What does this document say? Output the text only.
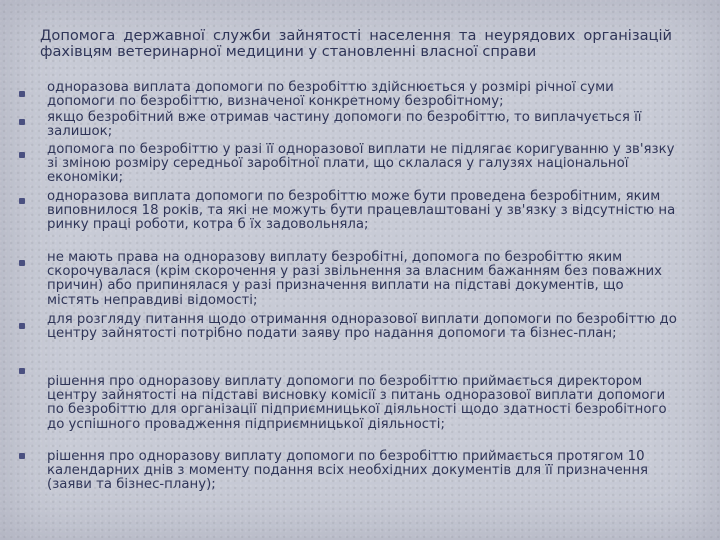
Допомога державної служби зайнятості населення та неурядових організацій фахівцям ветеринарної медицини у становленні власної справи

одноразова виплата допомоги по безробіттю здійснюється у розмірі річної суми допомоги по безробіттю, визначеної конкретному безробітному;

якщо безробітний вже отримав частину допомоги по безробіттю, то виплачується її залишок;

допомога по безробіттю у разі її одноразової виплати не підлягає коригуванню у зв'язку зі зміною розміру середньої заробітної плати, що склалася у галузях національної економіки;

одноразова виплата допомоги по безробіттю може бути проведена безробітним, яким виповнилося 18 років, та які не можуть бути працевлаштовані у зв'язку з відсутністю на ринку праці роботи, котра б їх задовольняла;

не мають права на одноразову виплату безробітні, допомога по безробіттю яким скорочувалася (крім скорочення у разі звільнення за власним бажанням без поважних причин) або припинялася у разі призначення виплати на підставі документів, що містять неправдиві відомості;

для розгляду питання щодо отримання одноразової виплати допомоги по безробіттю до центру зайнятості потрібно подати заяву про надання допомоги та бізнес-план;

рішення про одноразову виплату допомоги по безробіттю приймається директором центру зайнятості на підставі висновку комісії з питань одноразової виплати допомоги по безробіттю для організації підприємницької діяльності щодо здатності безробітного до успішного провадження підприємницької діяльності;

рішення про одноразову виплату допомоги по безробіттю приймається протягом 10 календарних днів з моменту подання всіх необхідних документів для її призначення (заяви та бізнес-плану);
